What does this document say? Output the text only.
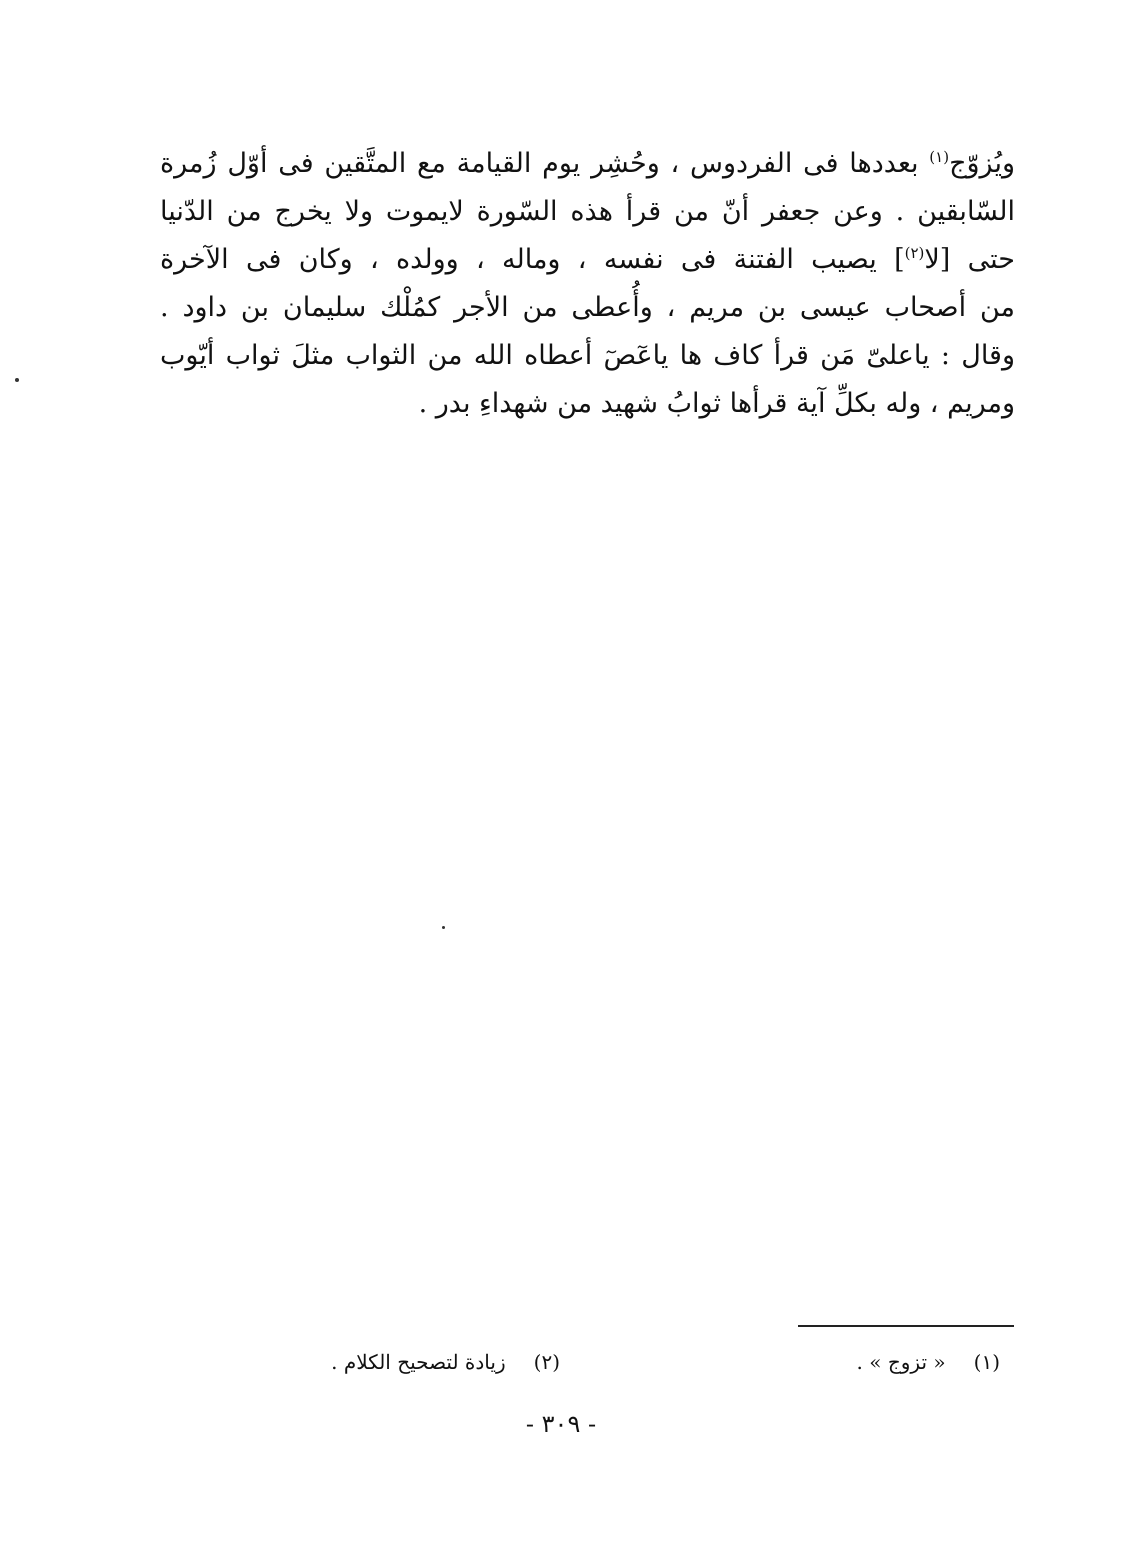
ويُزوّج$^{(١)}$ بعددها فى الفردوس ، وحُشِر يوم القيامة مع المتَّقين فى أوّل زُمرة
السّابقين . وعن جعفر أنّ من قرأ هذه السّورة لايموت ولا يخرج من الدّنيا
حتى [لا$^{(٢)}$] يصيب الفتنة فى نفسه ، وماله ، وولده ، وكان فى الآخرة
من أصحاب عيسى بن مريم ، وأُعطى من الأجر كمُلْك سليمان بن داود .
وقال : ياعلىّ مَن قرأ كاف ها ياعٓصٓ أعطاه الله من الثواب مثلَ ثواب أيّوب
ومريم ، وله بكلِّ آية قرأها ثوابُ شهيد من شهداءِ بدر .
(١)« تزوج » .
(٢)زيادة لتصحيح الكلام .
- ٣٠٩ -
